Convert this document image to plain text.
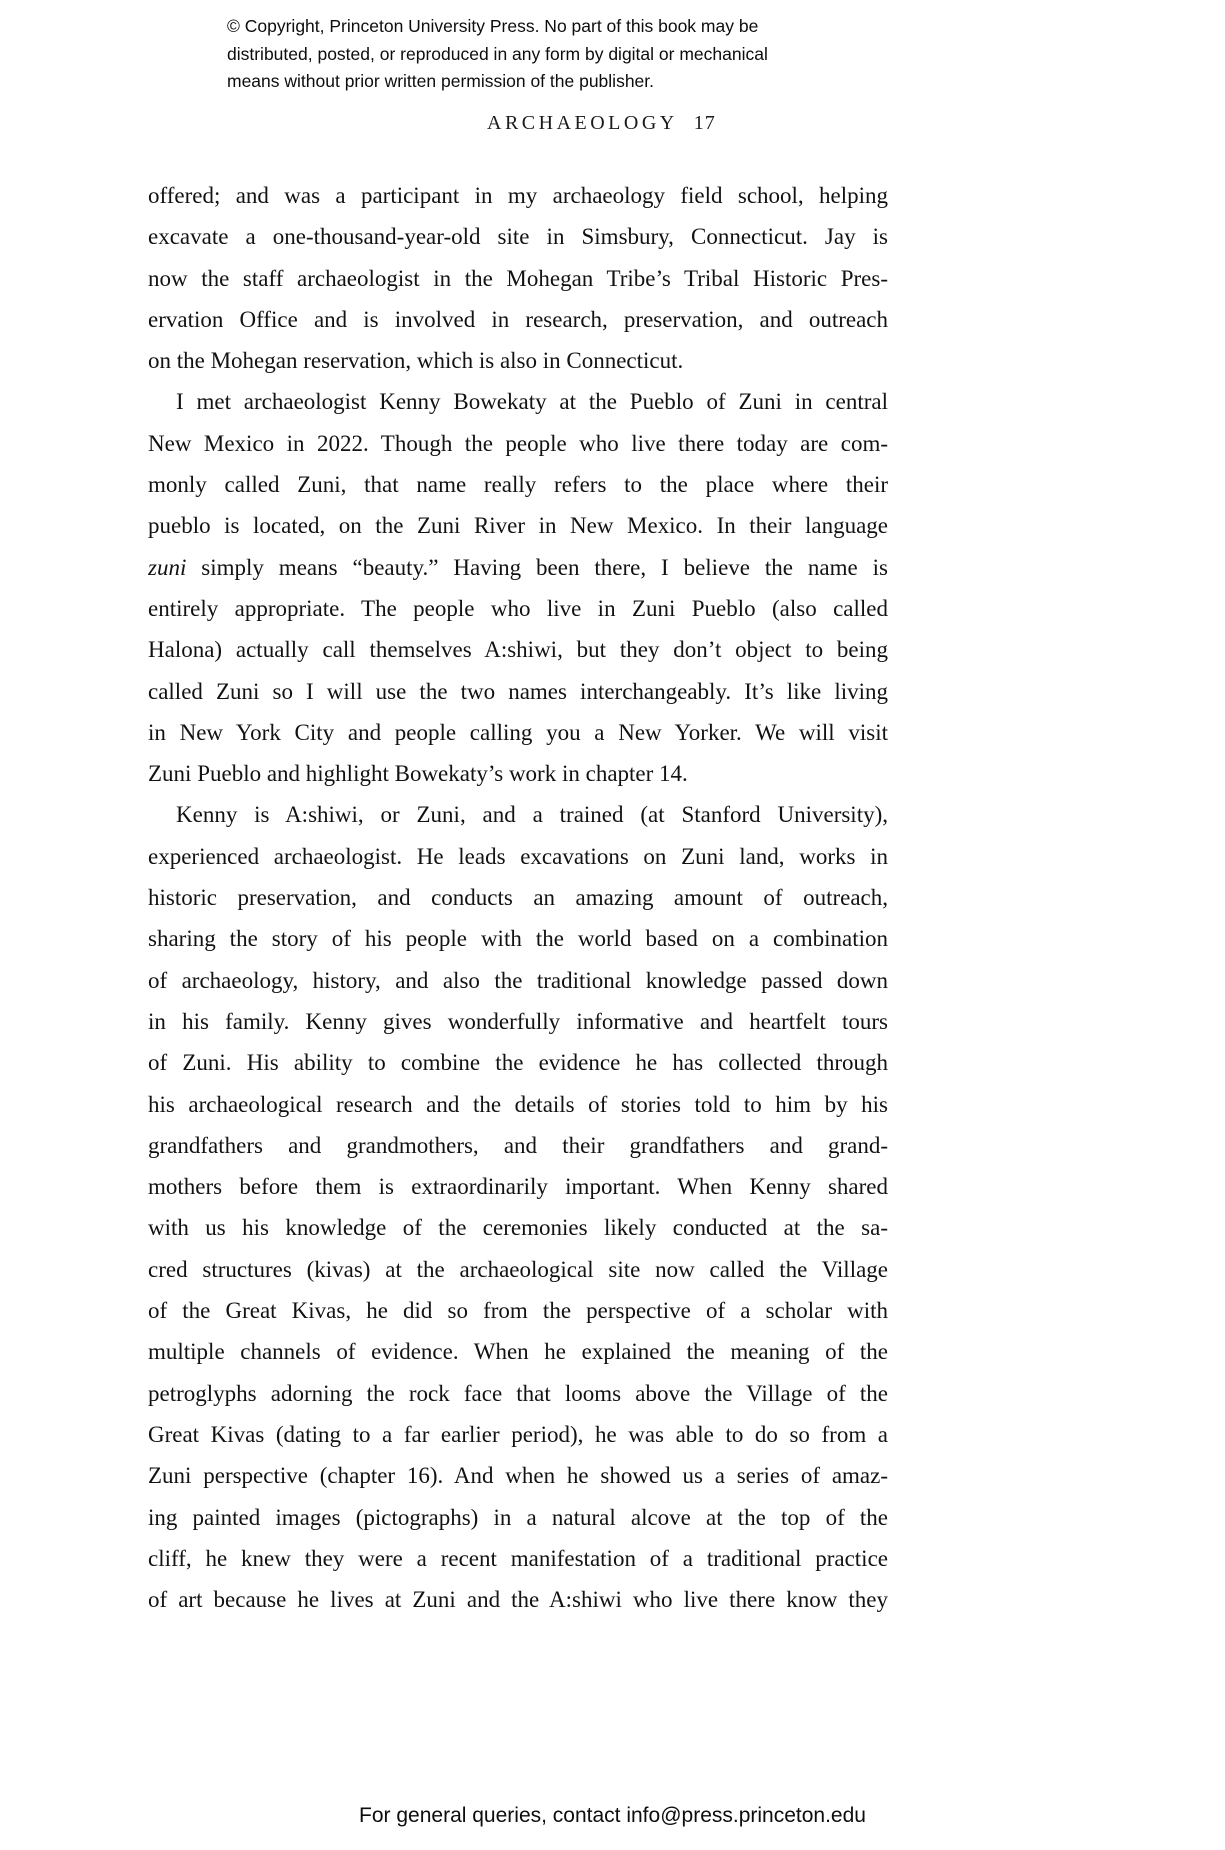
© Copyright, Princeton University Press. No part of this book may be
distributed, posted, or reproduced in any form by digital or mechanical
means without prior written permission of the publisher.
ARCHAEOLOGY 17
offered; and was a participant in my archaeology field school, helping
excavate a one-thousand-year-old site in Simsbury, Connecticut. Jay is
now the staff archaeologist in the Mohegan Tribe’s Tribal Historic Pres-
ervation Office and is involved in research, preservation, and outreach
on the Mohegan reservation, which is also in Connecticut.
I met archaeologist Kenny Bowekaty at the Pueblo of Zuni in central
New Mexico in 2022. Though the people who live there today are com-
monly called Zuni, that name really refers to the place where their
pueblo is located, on the Zuni River in New Mexico. In their language
zuni simply means “beauty.” Having been there, I believe the name is
entirely appropriate. The people who live in Zuni Pueblo (also called
Halona) actually call themselves A:shiwi, but they don’t object to being
called Zuni so I will use the two names interchangeably. It’s like living
in New York City and people calling you a New Yorker. We will visit
Zuni Pueblo and highlight Bowekaty’s work in chapter 14.
Kenny is A:shiwi, or Zuni, and a trained (at Stanford University),
experienced archaeologist. He leads excavations on Zuni land, works in
historic preservation, and conducts an amazing amount of outreach,
sharing the story of his people with the world based on a combination
of archaeology, history, and also the traditional knowledge passed down
in his family. Kenny gives wonderfully informative and heartfelt tours
of Zuni. His ability to combine the evidence he has collected through
his archaeological research and the details of stories told to him by his
grandfathers and grandmothers, and their grandfathers and grand-
mothers before them is extraordinarily important. When Kenny shared
with us his knowledge of the ceremonies likely conducted at the sa-
cred structures (kivas) at the archaeological site now called the Village
of the Great Kivas, he did so from the perspective of a scholar with
multiple channels of evidence. When he explained the meaning of the
petroglyphs adorning the rock face that looms above the Village of the
Great Kivas (dating to a far earlier period), he was able to do so from a
Zuni perspective (chapter 16). And when he showed us a series of amaz-
ing painted images (pictographs) in a natural alcove at the top of the
cliff, he knew they were a recent manifestation of a traditional practice
of art because he lives at Zuni and the A:shiwi who live there know they
For general queries, contact info@press.princeton.edu
